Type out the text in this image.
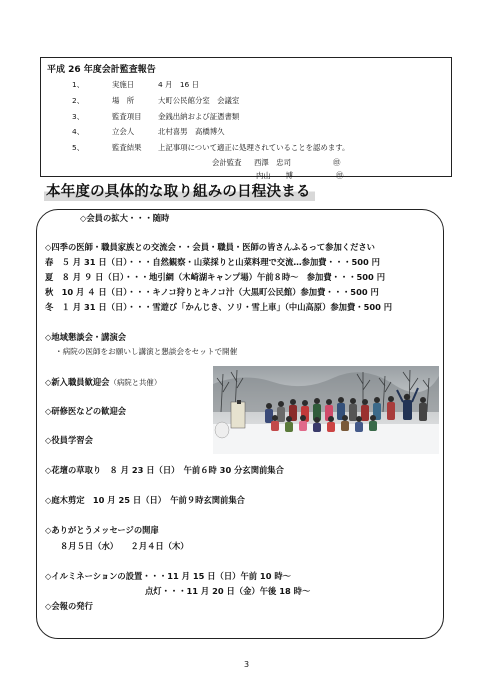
平成 26 年度会計監査報告
1、	実施日	4 月　16 日
2、	場　所	大町公民館分室　会議室
3、	監査項目 金銭出納および証憑書類
4、	立会人	北村喜男　高橋博久
5、	監査結果 上記事項について適正に処理されていることを認めます。
会計監査 西澤　忠司	㊞
内山　　博	㊞
本年度の具体的な取り組みの日程決まる
◇会員の拡大・・・随時
◇四季の医師・職員家族との交流会・・会員・職員・医師の皆さんふるって参加ください
春　５ 月 31 日（日）・・・自然観察・山菜採りと山菜料理で交流…参加費・・・500 円
夏　８ 月 ９ 日（日）・・・地引網（木崎湖キャンプ場）午前８時～　参加費・・・500 円
秋　10 月 ４ 日（日）・・・キノコ狩りとキノコ汁（大黒町公民館）参加費・・・500 円
冬　１ 月 31 日（日）・・・雪遊び「かんじき、ソリ・雪上車」（中山高原）参加費・500 円
◇地域懇談会・講演会
・病院の医師をお願いし講演と懇談会をセットで開催
◇新入職員歓迎会（病院と共催）
◇研修医などの歓迎会
◇役員学習会
◇花壇の草取り　８ 月 23 日（日）　午前６時 30 分玄関前集合
◇庭木剪定　10 月 25 日（日）　午前９時玄関前集合
◇ありがとうメッセージの開扉
８月５日（水）　　２月４日（木）
◇イルミネーションの設置・・・11 月 15 日（日）午前 10 時～
点灯・・・11 月 20 日（金）午後 18 時～
◇会報の発行
3
